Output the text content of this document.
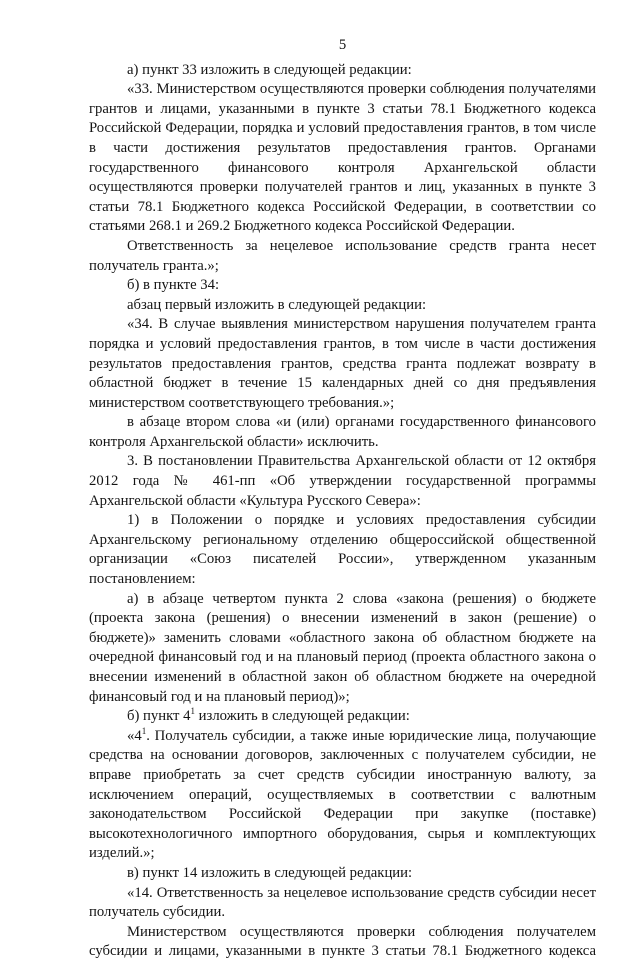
5

а) пункт 33 изложить в следующей редакции:

«33. Министерством осуществляются проверки соблюдения получателями грантов и лицами, указанными в пункте 3 статьи 78.1 Бюджетного кодекса Российской Федерации, порядка и условий предоставления грантов, в том числе в части достижения результатов предоставления грантов. Органами государственного финансового контроля Архангельской области осуществляются проверки получателей грантов и лиц, указанных в пункте 3 статьи 78.1 Бюджетного кодекса Российской Федерации, в соответствии со статьями 268.1 и 269.2 Бюджетного кодекса Российской Федерации.

Ответственность за нецелевое использование средств гранта несет получатель гранта.»;

б) в пункте 34:

абзац первый изложить в следующей редакции:

«34. В случае выявления министерством нарушения получателем гранта порядка и условий предоставления грантов, в том числе в части достижения результатов предоставления грантов, средства гранта подлежат возврату в областной бюджет в течение 15 календарных дней со дня предъявления министерством соответствующего требования.»;

в абзаце втором слова «и (или) органами государственного финансового контроля Архангельской области» исключить.

3. В постановлении Правительства Архангельской области от 12 октября 2012 года № 461-пп «Об утверждении государственной программы Архангельской области «Культура Русского Севера»:

1) в Положении о порядке и условиях предоставления субсидии Архангельскому региональному отделению общероссийской общественной организации «Союз писателей России», утвержденном указанным постановлением:

а) в абзаце четвертом пункта 2 слова «закона (решения) о бюджете (проекта закона (решения) о внесении изменений в закон (решение) о бюджете)» заменить словами «областного закона об областном бюджете на очередной финансовый год и на плановый период (проекта областного закона о внесении изменений в областной закон об областном бюджете на очередной финансовый год и на плановый период)»;

б) пункт $4^1$ изложить в следующей редакции:

«$4^1$. Получатель субсидии, а также иные юридические лица, получающие средства на основании договоров, заключенных с получателем субсидии, не вправе приобретать за счет средств субсидии иностранную валюту, за исключением операций, осуществляемых в соответствии с валютным законодательством Российской Федерации при закупке (поставке) высокотехнологичного импортного оборудования, сырья и комплектующих изделий.»;

в) пункт 14 изложить в следующей редакции:

«14. Ответственность за нецелевое использование средств субсидии несет получатель субсидии.

Министерством осуществляются проверки соблюдения получателем субсидии и лицами, указанными в пункте 3 статьи 78.1 Бюджетного кодекса
